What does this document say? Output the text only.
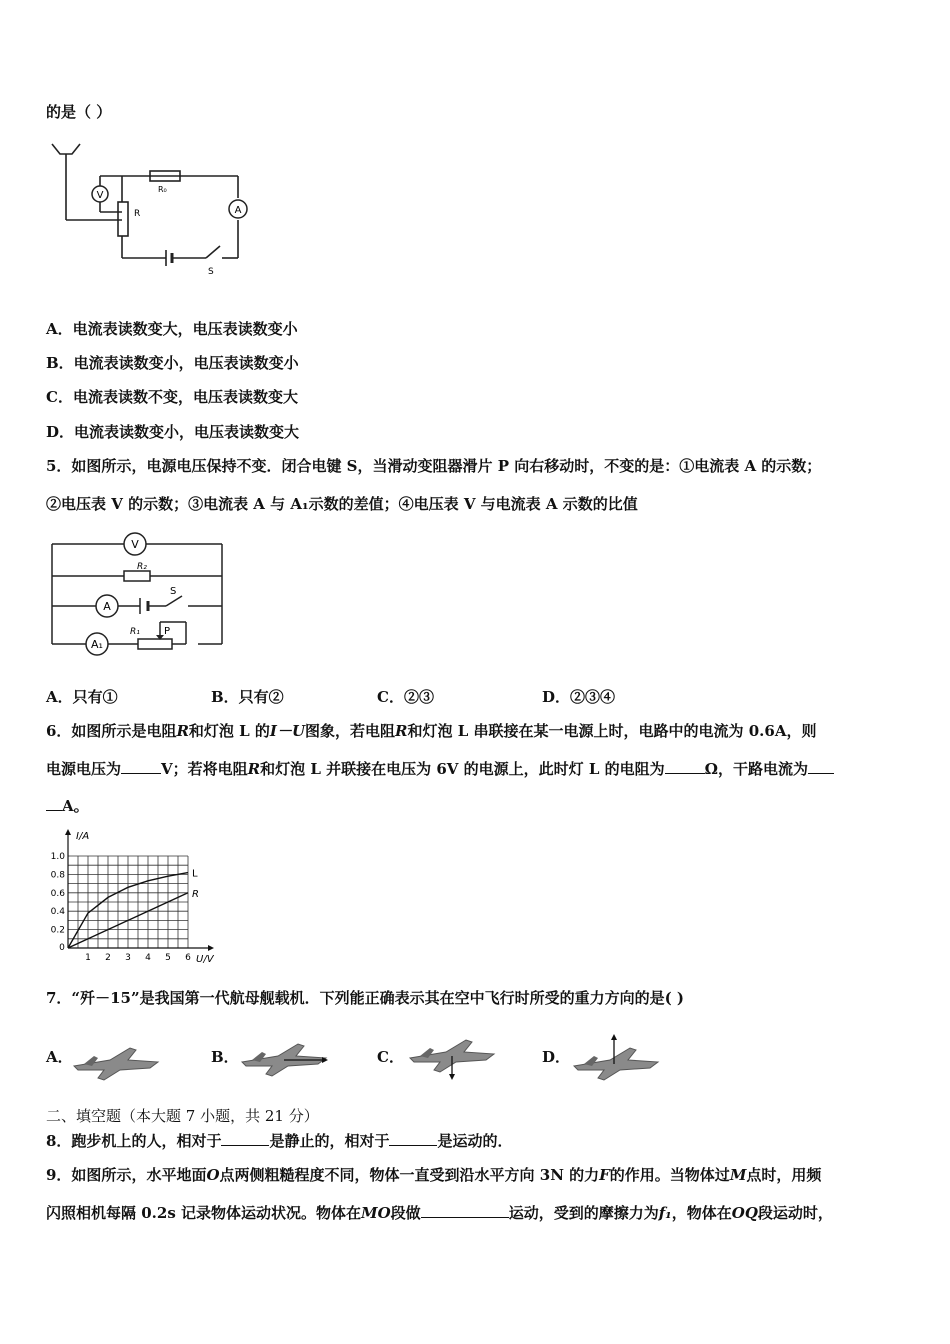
的是（ ）
V
A
R₀
R
S
A．电流表读数变大，电压表读数变小
B．电流表读数变小，电压表读数变小
C．电流表读数不变，电压表读数变大
D．电流表读数变小，电压表读数变大
5．如图所示，电源电压保持不变．闭合电键 S，当滑动变阻器滑片 P 向右移动时，不变的是：①电流表 A 的示数；
②电压表 V 的示数；③电流表 A 与 A₁示数的差值；④电压表 V 与电流表 A 示数的比值
V
R₂
A
S
A₁
R₁ P
A．只有①	B．只有②	C．②③	D．②③④
6．如图所示是电阻R和灯泡 L 的I－U图象，若电阻R和灯泡 L 串联接在某一电源上时，电路中的电流为 0.6A，则
电源电压为	V；若将电阻R和灯泡 L 并联接在电压为 6V 的电源上，此时灯 L 的电阻为	Ω，干路电流为
A。
L
R
0
1 2 3 4 5 6
0.2
0.4
0.6
0.8
1.0
I/A
U/V
7．“歼－15”是我国第一代航母舰载机．下列能正确表示其在空中飞行时所受的重力方向的是( )
A．	B．	C．	D．
二、填空题（本大题 7 小题，共 21 分）
8．跑步机上的人，相对于	是静止的，相对于	是运动的．
9．如图所示，水平地面O点两侧粗糙程度不同，物体一直受到沿水平方向 3N 的力F的作用。当物体过M点时，用频
闪照相机每隔 0.2s 记录物体运动状况。物体在MO段做	运动，受到的摩擦力为f₁，物体在OQ段运动时，
